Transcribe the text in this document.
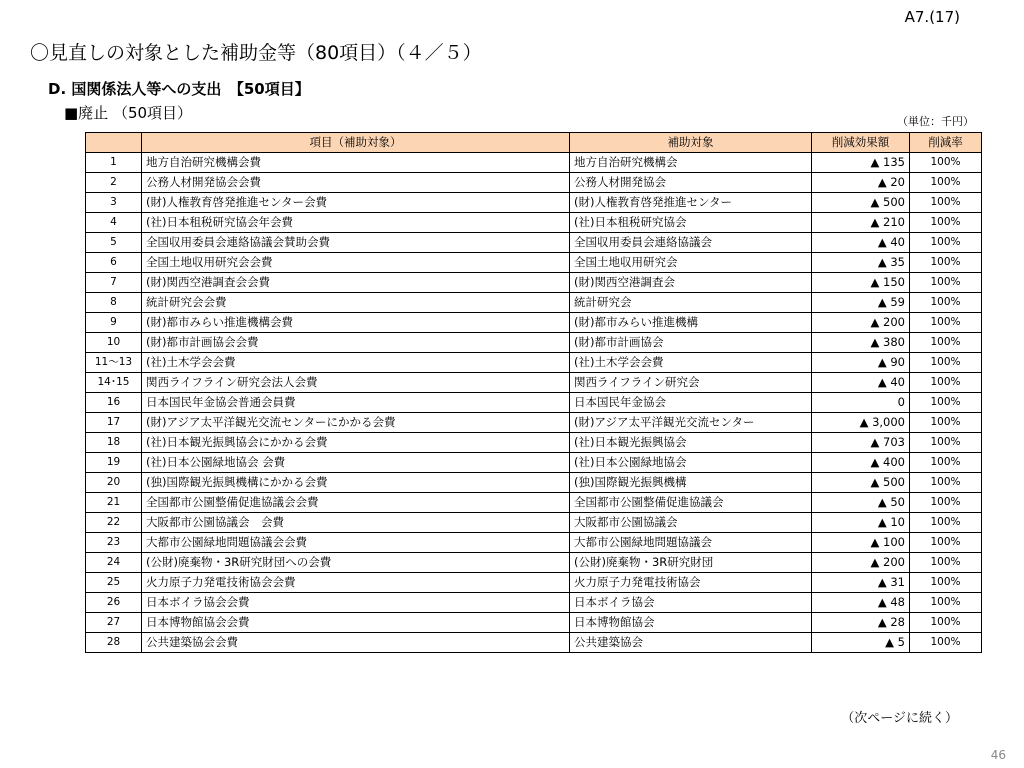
A7.(17)
〇見直しの対象とした補助金等（80項目）（４／５）
D. 国関係法人等への支出　【50項目】
■廃止 （50項目）	（単位：千円）
	項目（補助対象）	補助対象	削減効果額	削減率
1	地方自治研究機構会費	地方自治研究機構会	▲ 135	100%
2	公務人材開発協会会費	公務人材開発協会	▲ 20	100%
3	(財)人権教育啓発推進センター会費	(財)人権教育啓発推進センター	▲ 500	100%
4	(社)日本租税研究協会年会費	(社)日本租税研究協会	▲ 210	100%
5	全国収用委員会連絡協議会賛助会費	全国収用委員会連絡協議会	▲ 40	100%
6	全国土地収用研究会会費	全国土地収用研究会	▲ 35	100%
7	(財)関西空港調査会会費	(財)関西空港調査会	▲ 150	100%
8	統計研究会会費	統計研究会	▲ 59	100%
9	(財)都市みらい推進機構会費	(財)都市みらい推進機構	▲ 200	100%
10	(財)都市計画協会会費	(財)都市計画協会	▲ 380	100%
11～13	(社)土木学会会費	(社)土木学会会費	▲ 90	100%
14･15	関西ライフライン研究会法人会費	関西ライフライン研究会	▲ 40	100%
16	日本国民年金協会普通会員費	日本国民年金協会	0	100%
17	(財)アジア太平洋観光交流センターにかかる会費	(財)アジア太平洋観光交流センター	▲ 3,000	100%
18	(社)日本観光振興協会にかかる会費	(社)日本観光振興協会	▲ 703	100%
19	(社)日本公園緑地協会 会費	(社)日本公園緑地協会	▲ 400	100%
20	(独)国際観光振興機構にかかる会費	(独)国際観光振興機構	▲ 500	100%
21	全国都市公園整備促進協議会会費	全国都市公園整備促進協議会	▲ 50	100%
22	大阪都市公園協議会　会費	大阪都市公園協議会	▲ 10	100%
23	大都市公園緑地問題協議会会費	大都市公園緑地問題協議会	▲ 100	100%
24	(公財)廃棄物・3R研究財団への会費	(公財)廃棄物・3R研究財団	▲ 200	100%
25	火力原子力発電技術協会会費	火力原子力発電技術協会	▲ 31	100%
26	日本ボイラ協会会費	日本ボイラ協会	▲ 48	100%
27	日本博物館協会会費	日本博物館協会	▲ 28	100%
28	公共建築協会会費	公共建築協会	▲ 5	100%
（次ページに続く）
46
